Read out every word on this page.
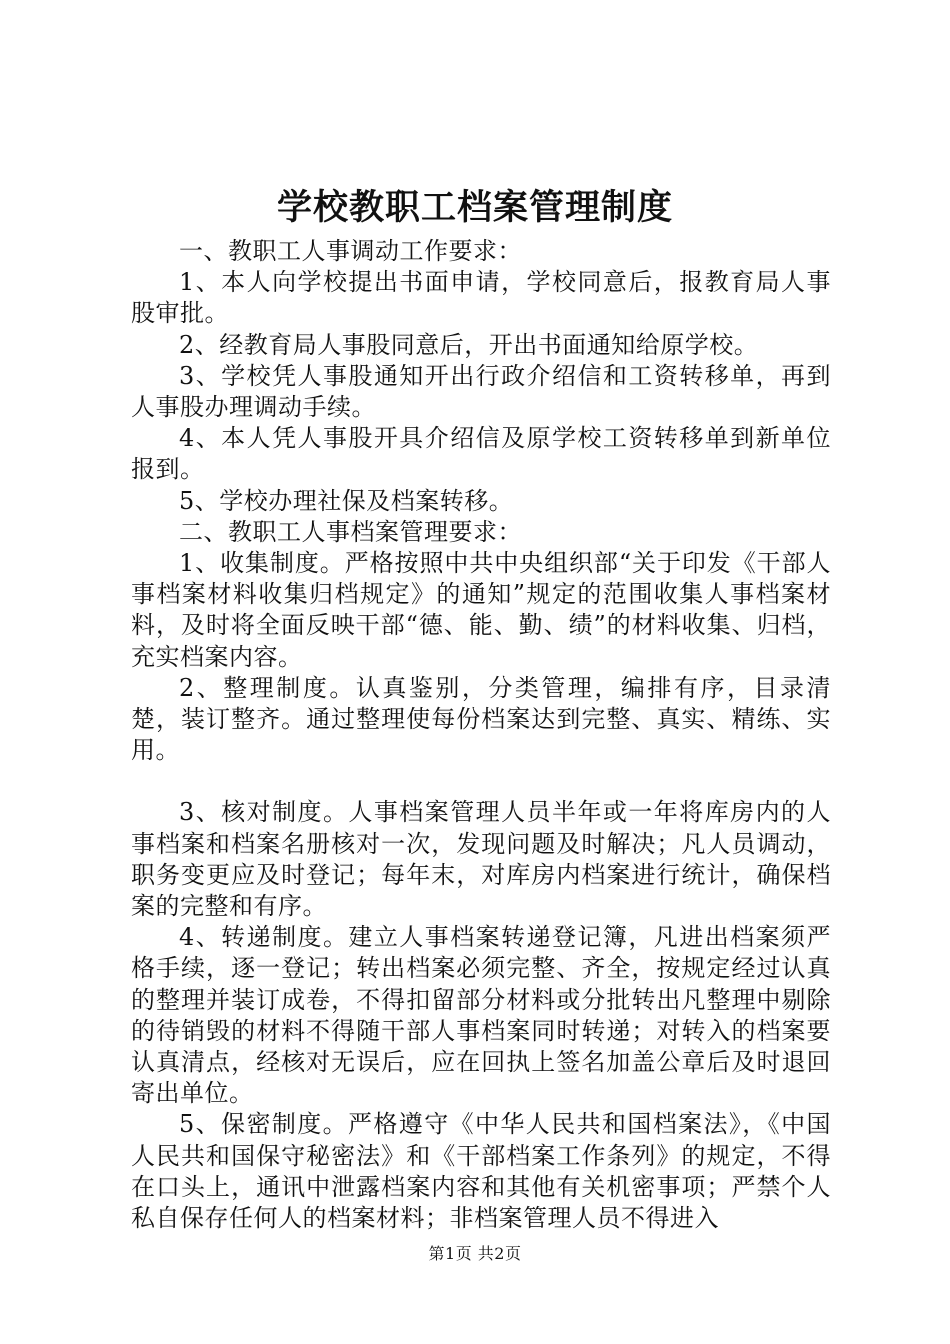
学校教职工档案管理制度

一、教职工人事调动工作要求：

1、本人向学校提出书面申请，学校同意后，报教育局人事股审批。

2、经教育局人事股同意后，开出书面通知给原学校。

3、学校凭人事股通知开出行政介绍信和工资转移单，再到人事股办理调动手续。

4、本人凭人事股开具介绍信及原学校工资转移单到新单位报到。

5、学校办理社保及档案转移。

二、教职工人事档案管理要求：

1、收集制度。严格按照中共中央组织部“关于印发《干部人事档案材料收集归档规定》的通知”规定的范围收集人事档案材料，及时将全面反映干部“德、能、勤、绩”的材料收集、归档，充实档案内容。

2、整理制度。认真鉴别，分类管理，编排有序，目录清楚，装订整齐。通过整理使每份档案达到完整、真实、精练、实用。

3、核对制度。人事档案管理人员半年或一年将库房内的人事档案和档案名册核对一次，发现问题及时解决；凡人员调动，职务变更应及时登记；每年末，对库房内档案进行统计，确保档案的完整和有序。

4、转递制度。建立人事档案转递登记簿，凡进出档案须严格手续，逐一登记；转出档案必须完整、齐全，按规定经过认真的整理并装订成卷，不得扣留部分材料或分批转出凡整理中剔除的待销毁的材料不得随干部人事档案同时转递；对转入的档案要认真清点，经核对无误后，应在回执上签名加盖公章后及时退回寄出单位。

5、保密制度。严格遵守《中华人民共和国档案法》，《中国人民共和国保守秘密法》和《干部档案工作条列》的规定，不得在口头上，通讯中泄露档案内容和其他有关机密事项；严禁个人私自保存任何人的档案材料；非档案管理人员不得进入

第1页 共2页
